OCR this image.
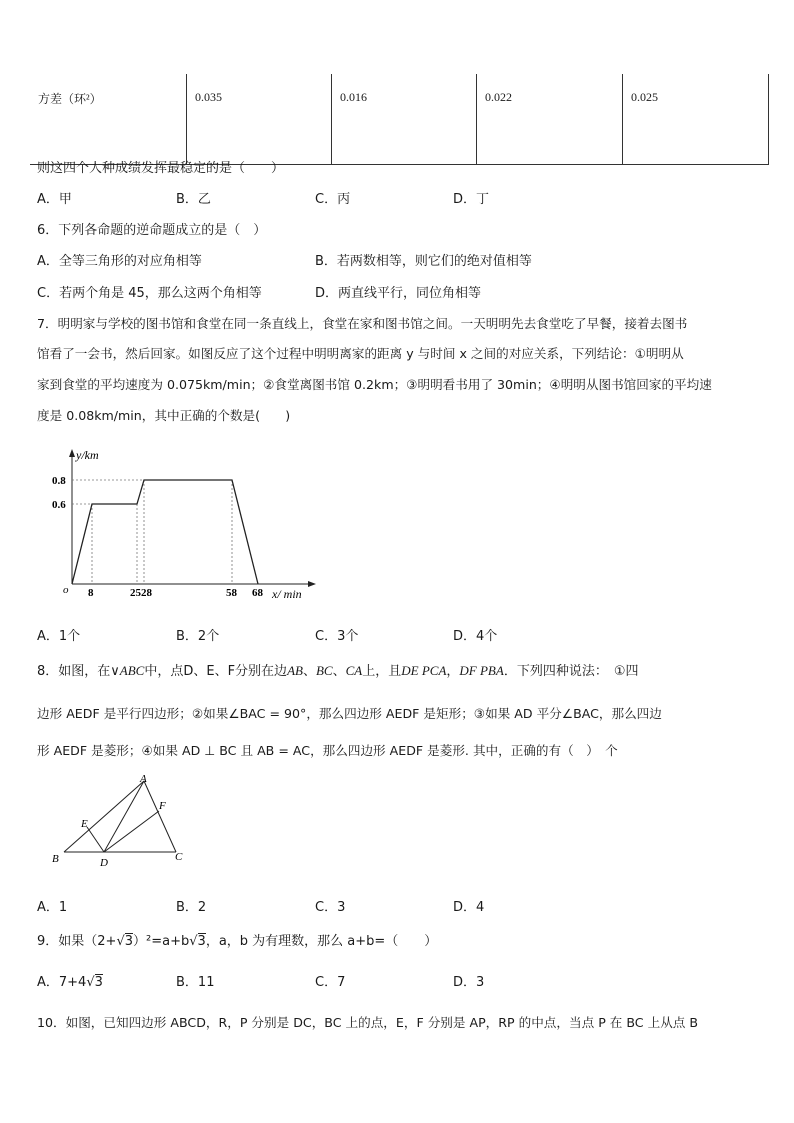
方差（环²）	0.035	0.016	0.022	0.025
则这四个人种成绩发挥最稳定的是（　　）
A．甲	B．乙	C．丙	D．丁
6．下列各命题的逆命题成立的是（　）
A．全等三角形的对应角相等	B．若两数相等，则它们的绝对值相等
C．若两个角是 45，那么这两个角相等	D．两直线平行，同位角相等
7．明明家与学校的图书馆和食堂在同一条直线上，食堂在家和图书馆之间。一天明明先去食堂吃了早餐，接着去图书
馆看了一会书，然后回家。如图反应了这个过程中明明离家的距离 y 与时间 x 之间的对应关系，下列结论：①明明从
家到食堂的平均速度为 0.075km/min；②食堂离图书馆 0.2km；③明明看书用了 30min；④明明从图书馆回家的平均速
度是 0.08km/min，其中正确的个数是(　　)
y/km
0.8
0.6
o 8	2528	58 68 x/ min
A．1个	B．2个	C．3个	D．4个
8．如图，在∨ABC中，点D、E、F分别在边AB、BC、CA上，且DE PCA，DF PBA．下列四种说法： ①四
边形 AEDF 是平行四边形；②如果∠BAC = 90°，那么四边形 AEDF 是矩形；③如果 AD 平分∠BAC，那么四边
形 AEDF 是菱形；④如果 AD ⊥ BC 且 AB = AC，那么四边形 AEDF 是菱形. 其中，正确的有（　）　个
A
B	C
D
E
F
A．1	B．2	C．3	D．4
9．如果（2+√3）²=a+b√3，a，b 为有理数，那么 a+b=（　　）
A．7+4√3	B．11	C．7	D．3
10．如图，已知四边形 ABCD，R，P 分别是 DC，BC 上的点，E，F 分别是 AP，RP 的中点，当点 P 在 BC 上从点 B
